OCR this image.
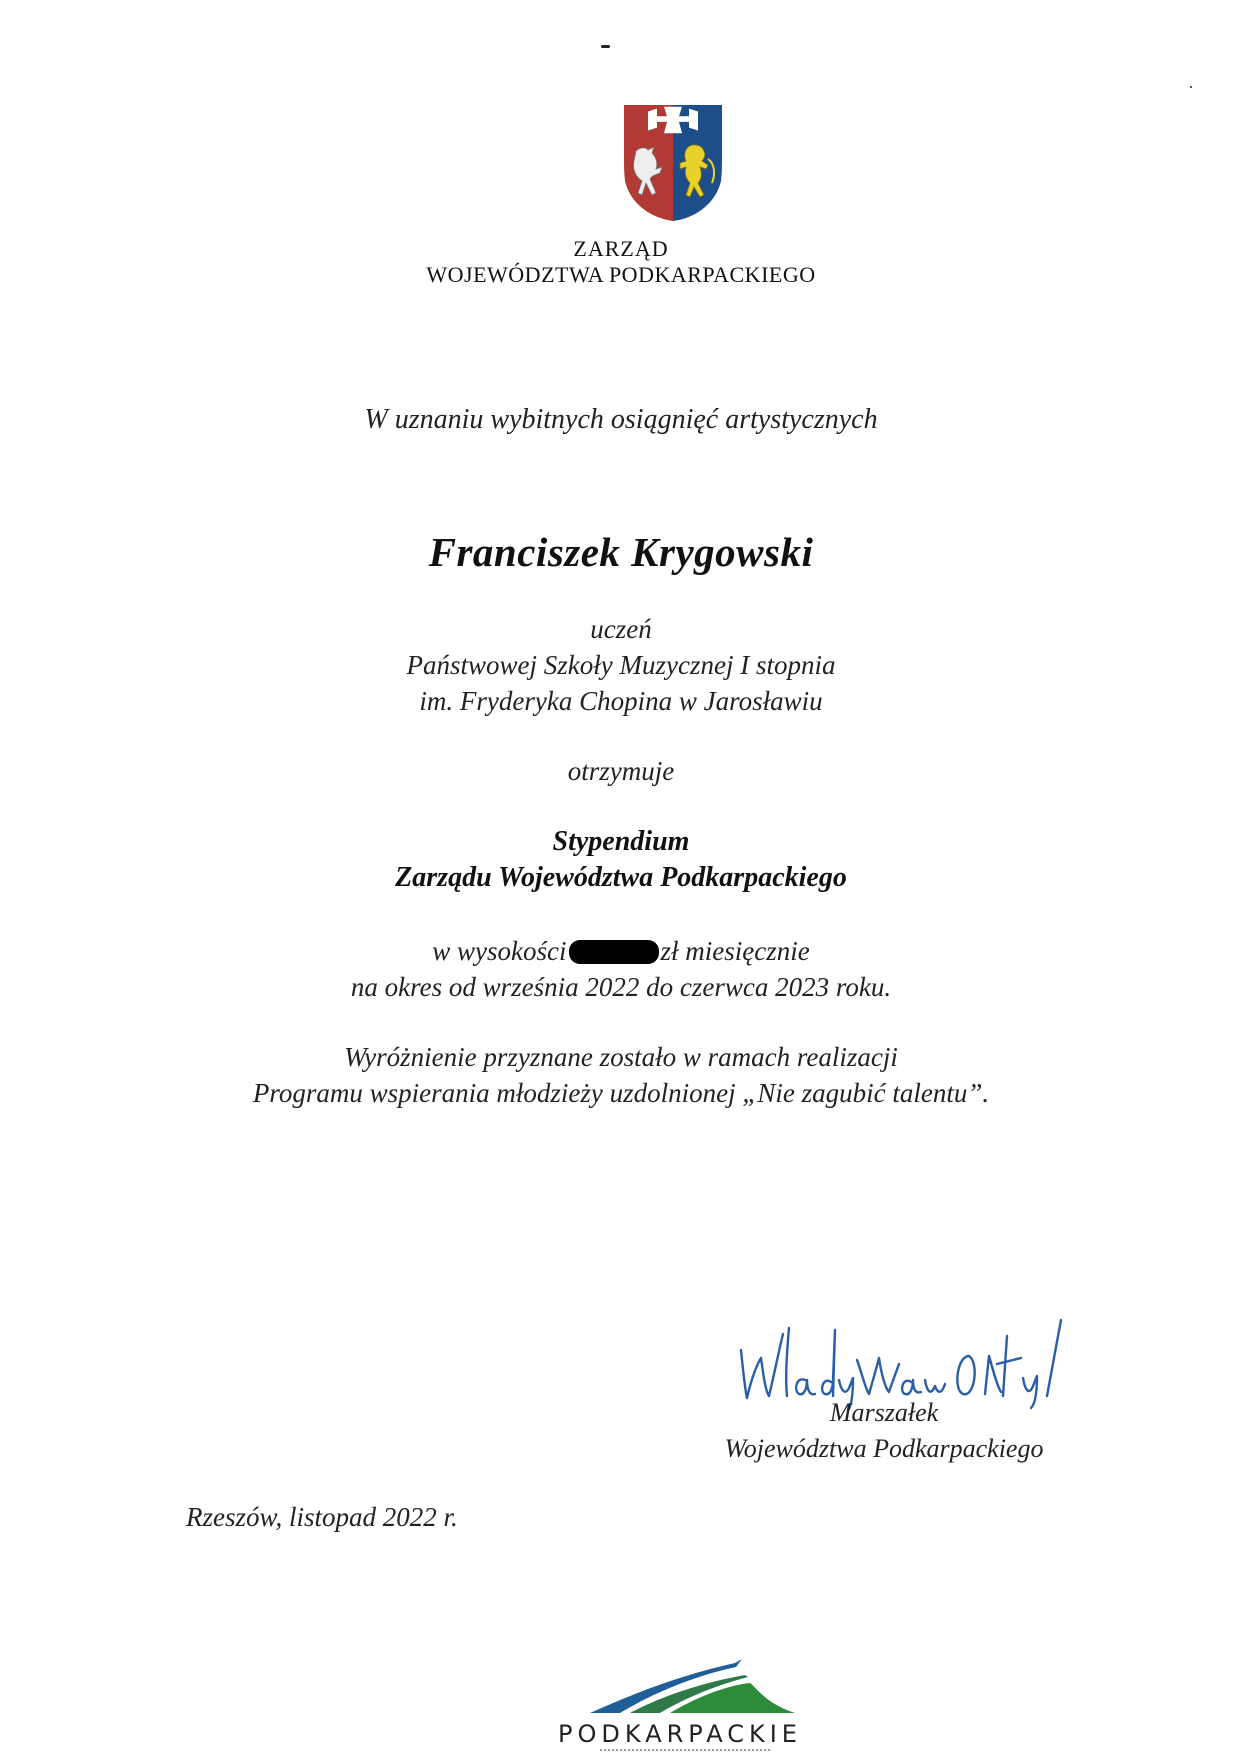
ZARZĄD
WOJEWÓDZTWA PODKARPACKIEGO
W uznaniu wybitnych osiągnięć artystycznych
Franciszek Krygowski
uczeń
Państwowej Szkoły Muzycznej I stopnia
im. Fryderyka Chopina w Jarosławiu
otrzymuje
Stypendium
Zarządu Województwa Podkarpackiego
w wysokości	zł miesięcznie
na okres od września 2022 do czerwca 2023 roku.
Wyróżnienie przyznane zostało w ramach realizacji
Programu wspierania młodzieży uzdolnionej „Nie zagubić talentu”.
Marszałek
Województwa Podkarpackiego
Rzeszów, listopad 2022 r.
PODKARPACKIE
